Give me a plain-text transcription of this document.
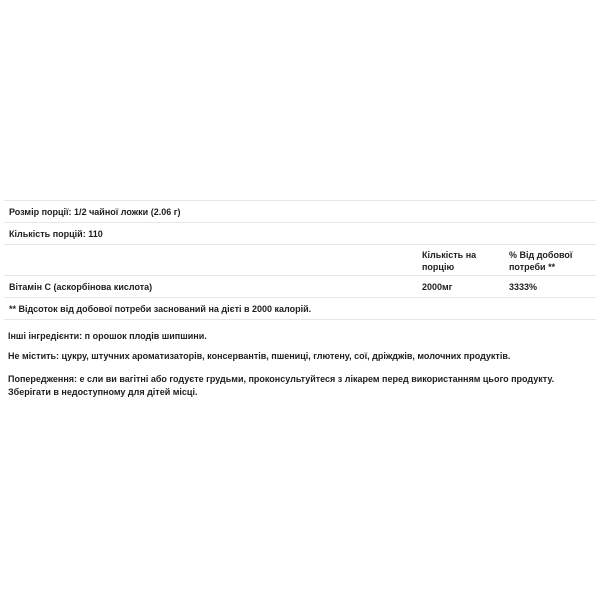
Розмір порції: 1/2 чайної ложки (2.06 г)
Кількість порцій: 110
Кількість на порцію
% Від добової потреби **
Вітамін С (аскорбінова кислота)	2000мг	3333%
** Відсоток від добової потреби заснований на дієті в 2000 калорій.

Інші інгредієнти: п орошок плодів шипшини.

Не містить: цукру, штучних ароматизаторів, консервантів, пшениці, глютену, сої, дріжджів, молочних продуктів.

Попередження: е сли ви вагітні або годуєте грудьми, проконсультуйтеся з лікарем перед використанням цього продукту.

Зберігати в недоступному для дітей місці.
